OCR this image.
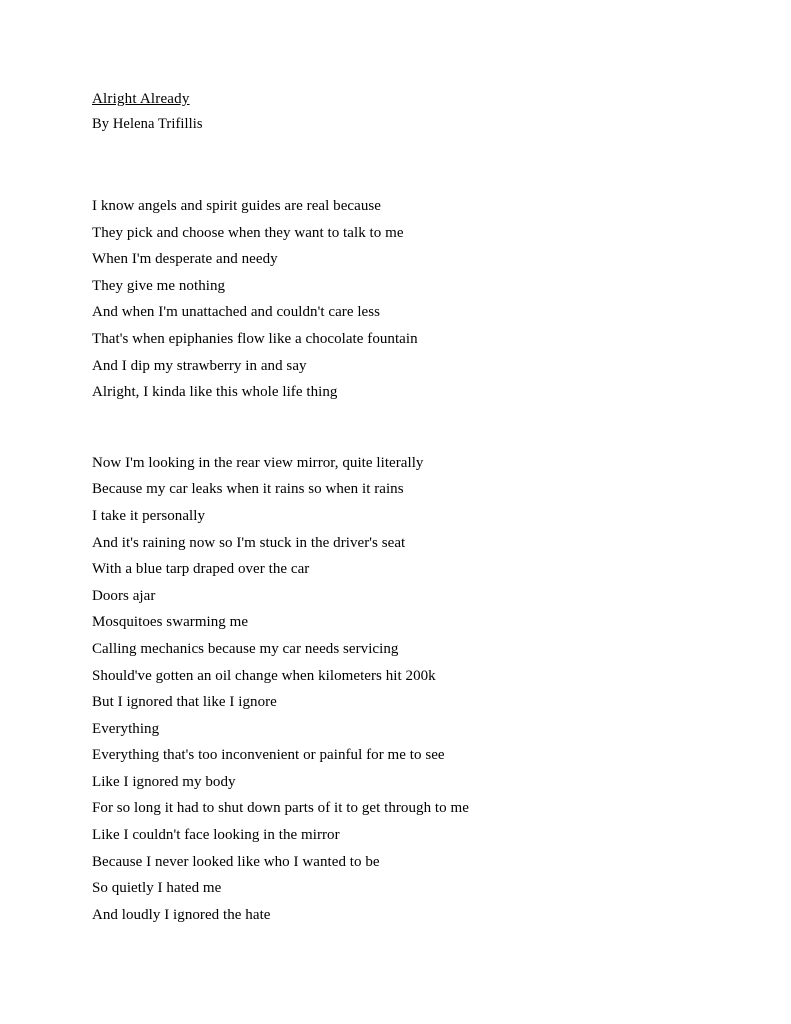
Alright Already
By Helena Trifillis
I know angels and spirit guides are real because
They pick and choose when they want to talk to me
When I'm desperate and needy
They give me nothing
And when I'm unattached and couldn't care less
That's when epiphanies flow like a chocolate fountain
And I dip my strawberry in and say
Alright, I kinda like this whole life thing
Now I'm looking in the rear view mirror, quite literally
Because my car leaks when it rains so when it rains
I take it personally
And it's raining now so I'm stuck in the driver's seat
With a blue tarp draped over the car
Doors ajar
Mosquitoes swarming me
Calling mechanics because my car needs servicing
Should've gotten an oil change when kilometers hit 200k
But I ignored that like I ignore
Everything
Everything that's too inconvenient or painful for me to see
Like I ignored my body
For so long it had to shut down parts of it to get through to me
Like I couldn't face looking in the mirror
Because I never looked like who I wanted to be
So quietly I hated me
And loudly I ignored the hate
